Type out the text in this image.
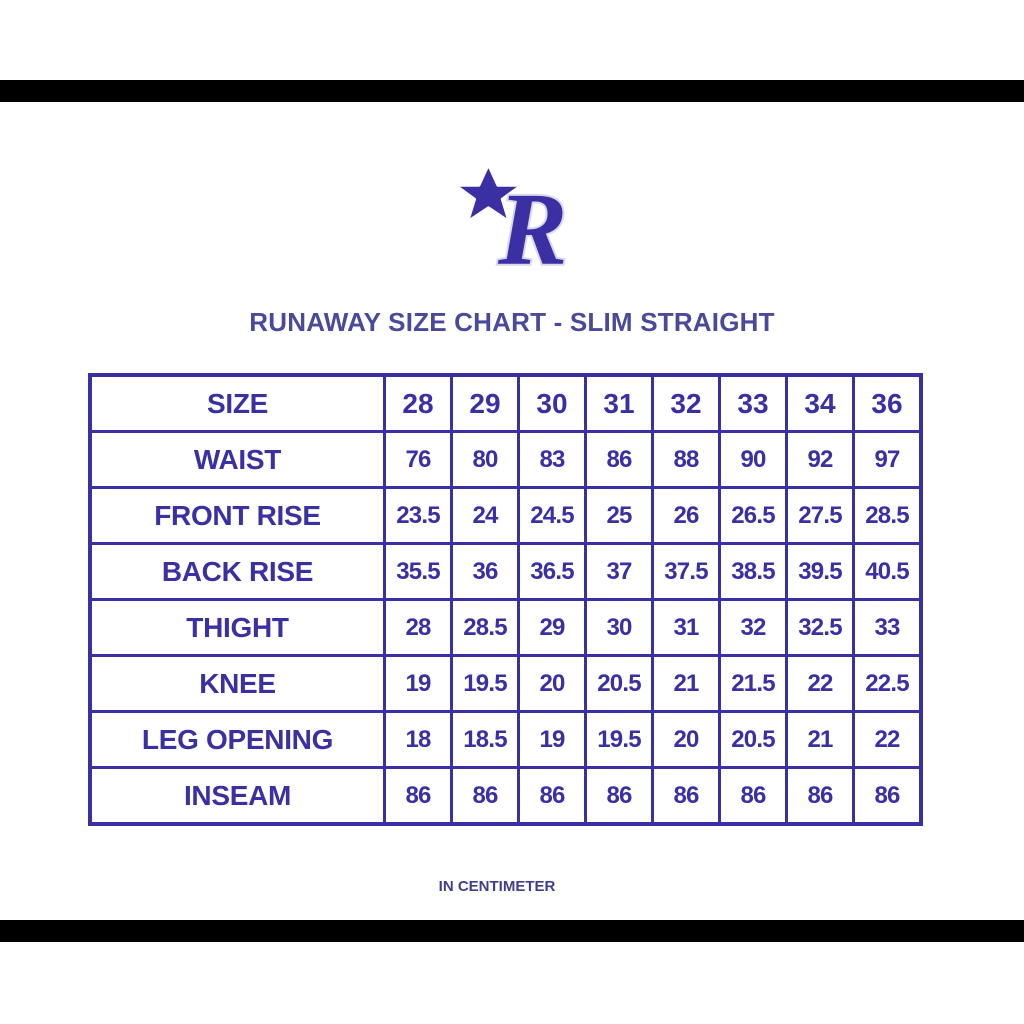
R
RUNAWAY SIZE CHART - SLIM STRAIGHT
SIZE	28	29	30	31	32	33	34	36
WAIST	76	80	83	86	88	90	92	97
FRONT RISE	23.5	24	24.5	25	26	26.5	27.5	28.5
BACK RISE	35.5	36	36.5	37	37.5	38.5	39.5	40.5
THIGHT	28	28.5	29	30	31	32	32.5	33
KNEE	19	19.5	20	20.5	21	21.5	22	22.5
LEG OPENING	18	18.5	19	19.5	20	20.5	21	22
INSEAM	86	86	86	86	86	86	86	86
IN CENTIMETER
